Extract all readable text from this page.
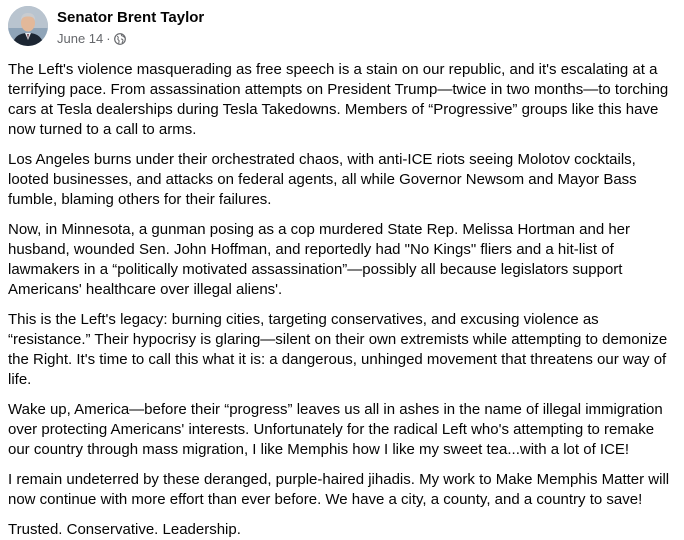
Senator Brent Taylor
June 14 ·

The Left's violence masquerading as free speech is a stain on our republic, and it's escalating at a terrifying pace. From assassination attempts on President Trump—twice in two months—to torching cars at Tesla dealerships during Tesla Takedowns. Members of “Progressive” groups like this have now turned to a call to arms.

Los Angeles burns under their orchestrated chaos, with anti-ICE riots seeing Molotov cocktails, looted businesses, and attacks on federal agents, all while Governor Newsom and Mayor Bass fumble, blaming others for their failures.

Now, in Minnesota, a gunman posing as a cop murdered State Rep. Melissa Hortman and her husband, wounded Sen. John Hoffman, and reportedly had "No Kings" fliers and a hit-list of lawmakers in a “politically motivated assassination”—possibly all because legislators support Americans' healthcare over illegal aliens'.

This is the Left's legacy: burning cities, targeting conservatives, and excusing violence as “resistance.” Their hypocrisy is glaring—silent on their own extremists while attempting to demonize the Right. It's time to call this what it is: a dangerous, unhinged movement that threatens our way of life.

Wake up, America—before their “progress” leaves us all in ashes in the name of illegal immigration over protecting Americans' interests. Unfortunately for the radical Left who's attempting to remake our country through mass migration, I like Memphis how I like my sweet tea...with a lot of ICE!

I remain undeterred by these deranged, purple-haired jihadis. My work to Make Memphis Matter will now continue with more effort than ever before. We have a city, a county, and a country to save!

Trusted. Conservative. Leadership.
